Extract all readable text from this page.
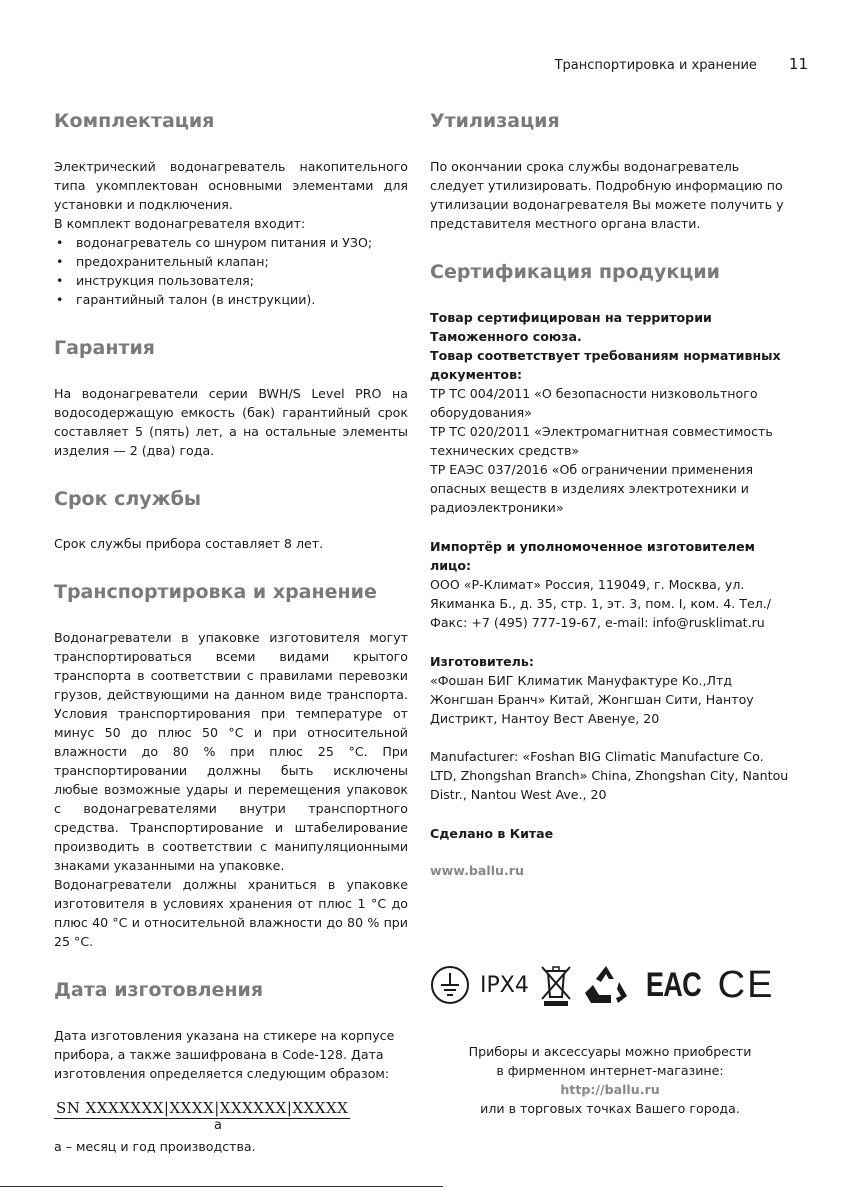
Транспортировка и хранение 11
Комплектация

Электрический водонагреватель накопительного типа укомплектован основными элементами для установки и подключения.

В комплект водонагревателя входит:

• водонагреватель со шнуром питания и УЗО;
• предохранительный клапан;
• инструкция пользователя;
• гарантийный талон (в инструкции).
Гарантия

На водонагреватели серии BWH/S Level PRO на водосодержащую емкость (бак) гарантийный срок составляет 5 (пять) лет, а на остальные элементы изделия — 2 (два) года.

Срок службы

Срок службы прибора составляет 8 лет.

Транспортировка и хранение

Водонагреватели в упаковке изготовителя могут транспортироваться всеми видами крытого транспорта в соответствии с правилами перевозки грузов, действующими на данном виде транспорта. Условия транспортирования при температуре от минус 50 до плюс 50 °С и при относительной влажности до 80 % при плюс 25 °С. При транспортировании должны быть исключены любые возможные удары и перемещения упаковок с водонагревателями внутри транспортного средства. Транспортирование и штабелирование производить в соответствии с манипуляционными знаками указанными на упаковке.

Водонагреватели должны храниться в упаковке изготовителя в условиях хранения от плюс 1 °С до плюс 40 °С и относительной влажности до 80 % при 25 °С.

Дата изготовления

Дата изготовления указана на стикере на корпусе прибора, а также зашифрована в Code-128. Дата изготовления определяется следующим образом:

SN XXXXXXX|XXXX|XXXXXX|XXXXX
a

а – месяц и год производства.

Утилизация

По окончании срока службы водонагреватель следует утилизировать. Подробную информацию по утилизации водонагревателя Вы можете получить у представителя местного органа власти.

Сертификация продукции

Товар сертифицирован на территории Таможенного союза.

Товар соответствует требованиям нормативных документов:

ТР ТС 004/2011 «О безопасности низковольтного оборудования»

ТР ТС 020/2011 «Электромагнитная совместимость технических средств»

ТР ЕАЭС 037/2016 «Об ограничении применения опасных веществ в изделиях электротехники и радиоэлектроники»

Импортёр и уполномоченное изготовителем лицо:

ООО «Р-Климат» Россия, 119049, г. Москва, ул. Якиманка Б., д. 35, стр. 1, эт. 3, пом. I, ком. 4. Тел./Факс: +7 (495) 777-19-67, e-mail: info@rusklimat.ru

Изготовитель:

«Фошан БИГ Климатик Мануфактуре Ко.,Лтд Жонгшан Бранч» Китай, Жонгшан Сити, Нантоу Дистрикт, Нантоу Вест Авенуе, 20

Manufacturer: «Foshan BIG Climatic Manufacture Co. LTD, Zhongshan Branch» China, Zhongshan City, Nantou Distr., Nantou West Ave., 20

Сделано в Китае

www.ballu.ru
IPX4	EAC CE
Приборы и аксессуары можно приобрести
в фирменном интернет-магазине:
http://ballu.ru
или в торговых точках Вашего города.
